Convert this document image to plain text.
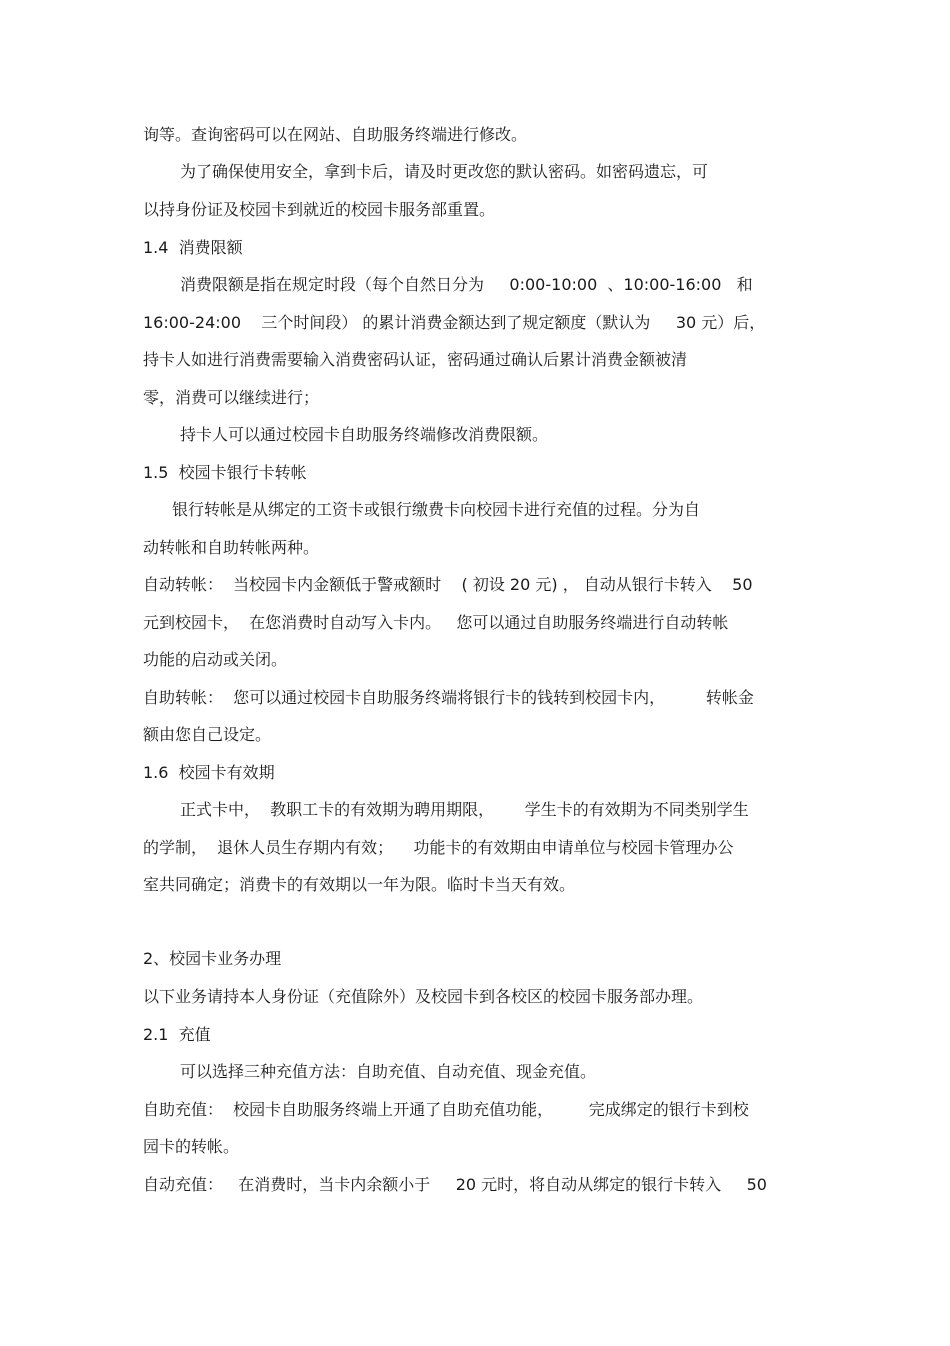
询等。查询密码可以在网站、自助服务终端进行修改。
为了确保使用安全，拿到卡后，请及时更改您的默认密码。如密码遗忘，可
以持身份证及校园卡到就近的校园卡服务部重置。
1.4  消费限额
消费限额是指在规定时段（每个自然日分为     0:00-10:00  、10:00-16:00   和
16:00-24:00    三个时间段） 的累计消费金额达到了规定额度（默认为     30 元）后，
持卡人如进行消费需要输入消费密码认证，密码通过确认后累计消费金额被清
零，消费可以继续进行；
持卡人可以通过校园卡自助服务终端修改消费限额。
1.5  校园卡银行卡转帐
银行转帐是从绑定的工资卡或银行缴费卡向校园卡进行充值的过程。分为自
动转帐和自助转帐两种。
自动转帐：  当校园卡内金额低于警戒额时    ( 初设 20 元) ， 自动从银行卡转入    50
元到校园卡，  在您消费时自动写入卡内。   您可以通过自助服务终端进行自动转帐
功能的启动或关闭。
自助转帐：  您可以通过校园卡自助服务终端将银行卡的钱转到校园卡内，        转帐金
额由您自己设定。
1.6  校园卡有效期
正式卡中，  教职工卡的有效期为聘用期限，      学生卡的有效期为不同类别学生
的学制，  退休人员生存期内有效；    功能卡的有效期由申请单位与校园卡管理办公
室共同确定；消费卡的有效期以一年为限。临时卡当天有效。
2、校园卡业务办理
以下业务请持本人身份证（充值除外）及校园卡到各校区的校园卡服务部办理。
2.1  充值
可以选择三种充值方法：自助充值、自动充值、现金充值。
自助充值：  校园卡自助服务终端上开通了自助充值功能，       完成绑定的银行卡到校
园卡的转帐。
自动充值：   在消费时，当卡内余额小于     20 元时，将自动从绑定的银行卡转入     50
